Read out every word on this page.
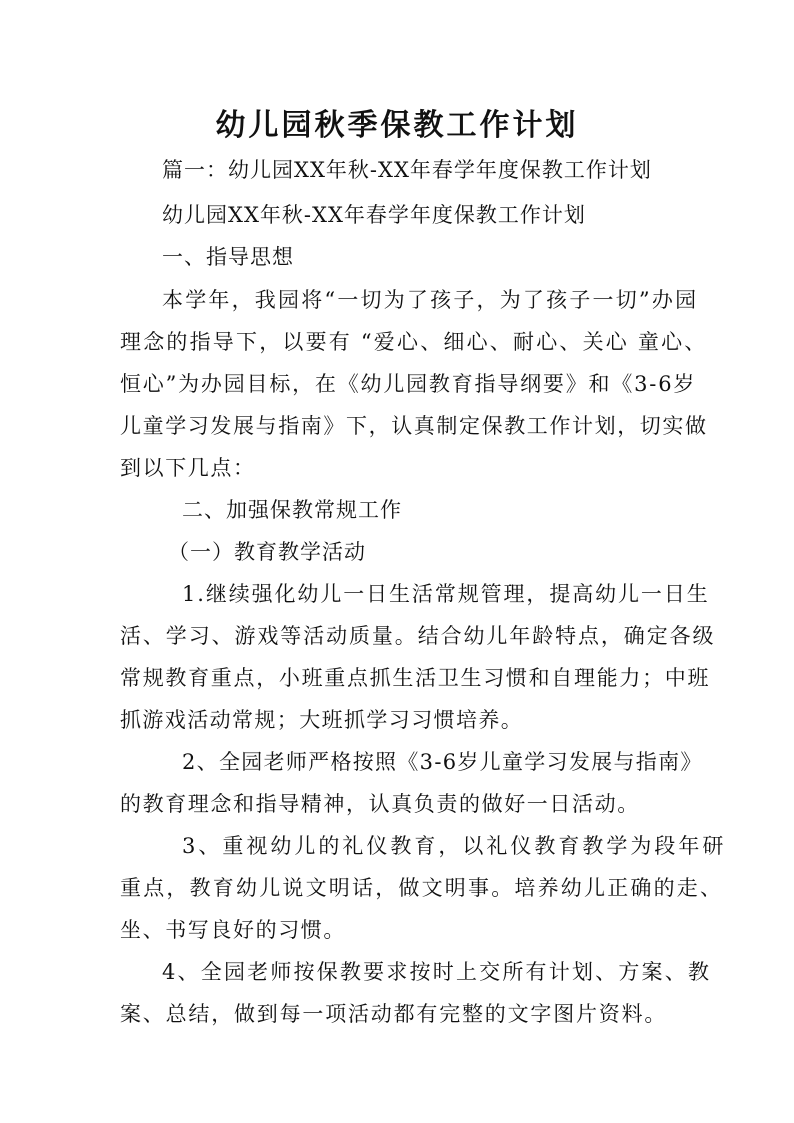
幼儿园秋季保教工作计划

篇一：幼儿园XX年秋-XX年春学年度保教工作计划

幼儿园XX年秋-XX年春学年度保教工作计划

一、指导思想

本学年，我园将“一切为了孩子，为了孩子一切”办园
理念的指导下，以要有 “爱心、细心、耐心、关心 童心、
恒心”为办园目标，在《幼儿园教育指导纲要》和《3-6岁
儿童学习发展与指南》下，认真制定保教工作计划，切实做
到以下几点：

二、加强保教常规工作

（一）教育教学活动

1.继续强化幼儿一日生活常规管理，提高幼儿一日生
活、学习、游戏等活动质量。结合幼儿年龄特点，确定各级
常规教育重点，小班重点抓生活卫生习惯和自理能力；中班
抓游戏活动常规；大班抓学习习惯培养。
2、全园老师严格按照《3-6岁儿童学习发展与指南》
的教育理念和指导精神，认真负责的做好一日活动。
3、重视幼儿的礼仪教育，以礼仪教育教学为段年研
重点，教育幼儿说文明话，做文明事。培养幼儿正确的走、
坐、书写良好的习惯。
4、全园老师按保教要求按时上交所有计划、方案、教
案、总结，做到每一项活动都有完整的文字图片资料。
